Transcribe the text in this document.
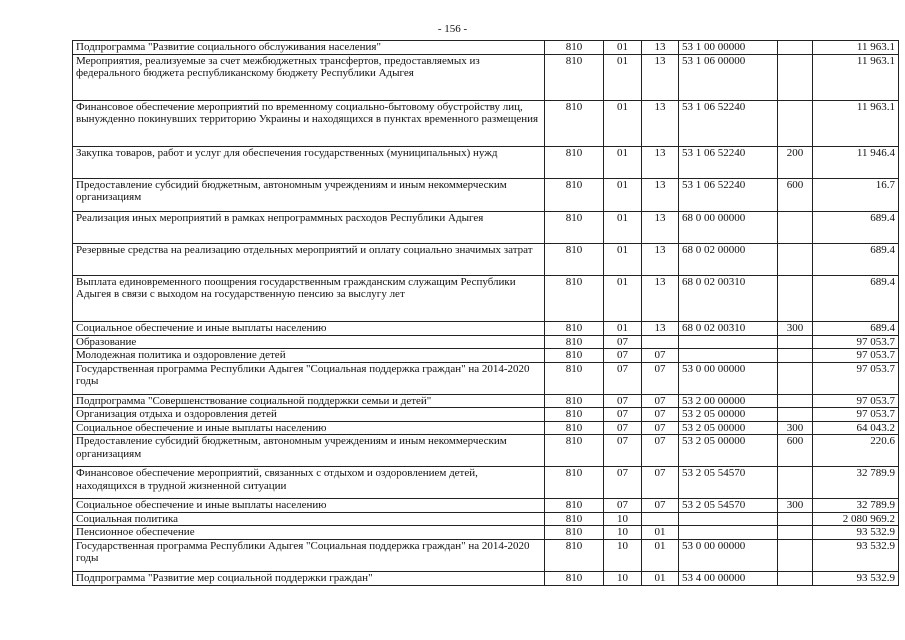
- 156 -
Подпрограмма "Развитие социального обслуживания населения"	810	01	13	53 1 00 00000		11 963.1
Мероприятия, реализуемые за счет межбюджетных трансфертов, предоставляемых из федерального бюджета республиканскому бюджету Республики Адыгея	810	01	13	53 1 06 00000		11 963.1
Финансовое обеспечение мероприятий по временному социально-бытовому обустройству лиц, вынужденно покинувших территорию Украины и находящихся в пунктах временного размещения	810	01	13	53 1 06 52240		11 963.1
Закупка товаров, работ и услуг для обеспечения государственных (муниципальных) нужд	810	01	13	53 1 06 52240	200	11 946.4
Предоставление субсидий бюджетным, автономным учреждениям и иным некоммерческим организациям	810	01	13	53 1 06 52240	600	16.7
Реализация иных мероприятий в рамках непрограммных расходов Республики Адыгея	810	01	13	68 0 00 00000		689.4
Резервные средства на реализацию отдельных мероприятий и оплату социально значимых затрат	810	01	13	68 0 02 00000		689.4
Выплата единовременного поощрения государственным гражданским служащим Республики Адыгея в связи с выходом на государственную пенсию за выслугу лет	810	01	13	68 0 02 00310		689.4
Социальное обеспечение и иные выплаты населению	810	01	13	68 0 02 00310	300	689.4
Образование	810	07				97 053.7
Молодежная политика и оздоровление детей	810	07	07			97 053.7
Государственная программа Республики Адыгея "Социальная поддержка граждан" на 2014-2020 годы	810	07	07	53 0 00 00000		97 053.7
Подпрограмма "Совершенствование социальной поддержки семьи и детей"	810	07	07	53 2 00 00000		97 053.7
Организация отдыха и оздоровления детей	810	07	07	53 2 05 00000		97 053.7
Социальное обеспечение и иные выплаты населению	810	07	07	53 2 05 00000	300	64 043.2
Предоставление субсидий бюджетным, автономным учреждениям и иным некоммерческим организациям	810	07	07	53 2 05 00000	600	220.6
Финансовое обеспечение мероприятий, связанных с отдыхом и оздоровлением детей, находящихся в трудной жизненной ситуации	810	07	07	53 2 05 54570		32 789.9
Социальное обеспечение и иные выплаты населению	810	07	07	53 2 05 54570	300	32 789.9
Социальная политика	810	10				2 080 969.2
Пенсионное обеспечение	810	10	01			93 532.9
Государственная программа Республики Адыгея "Социальная поддержка граждан" на 2014-2020 годы	810	10	01	53 0 00 00000		93 532.9
Подпрограмма "Развитие мер социальной поддержки граждан"	810	10	01	53 4 00 00000		93 532.9
